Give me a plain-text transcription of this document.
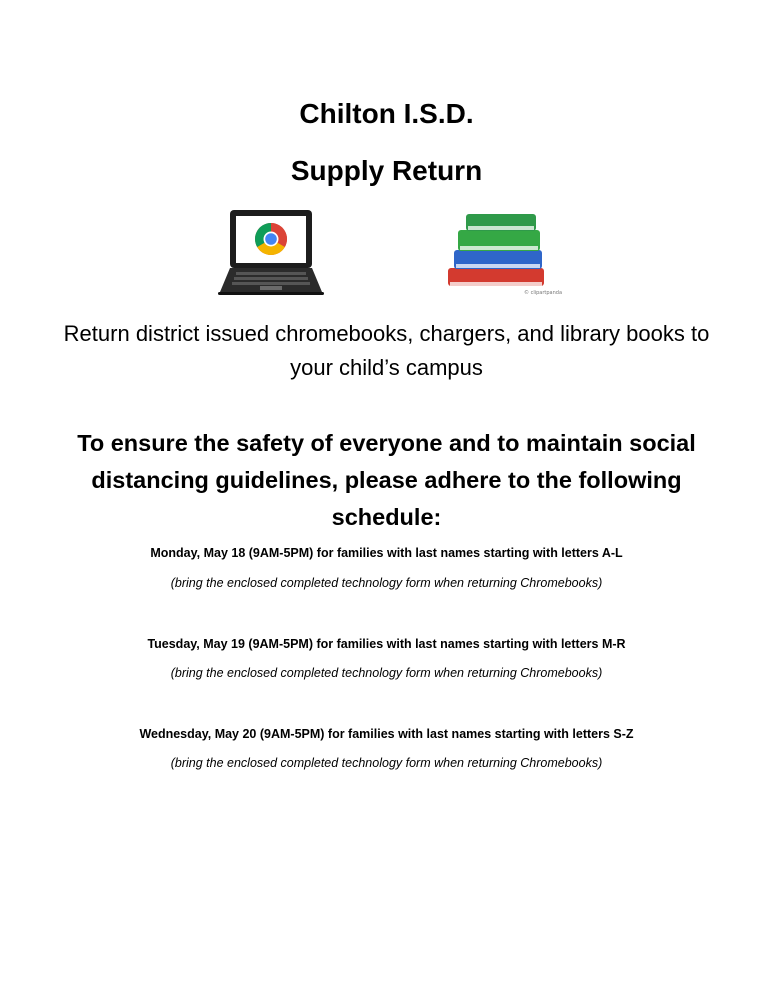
Chilton I.S.D.
Supply Return
© clipartpanda
Return district issued chromebooks, chargers, and library books to your child’s campus
To ensure the safety of everyone and to maintain social distancing guidelines, please adhere to the following schedule:
Monday, May 18 (9AM-5PM) for families with last names starting with letters A-L
(bring the enclosed completed technology form when returning Chromebooks)
Tuesday, May 19 (9AM-5PM) for families with last names starting with letters M-R
(bring the enclosed completed technology form when returning Chromebooks)
Wednesday, May 20 (9AM-5PM) for families with last names starting with letters S-Z
(bring the enclosed completed technology form when returning Chromebooks)
